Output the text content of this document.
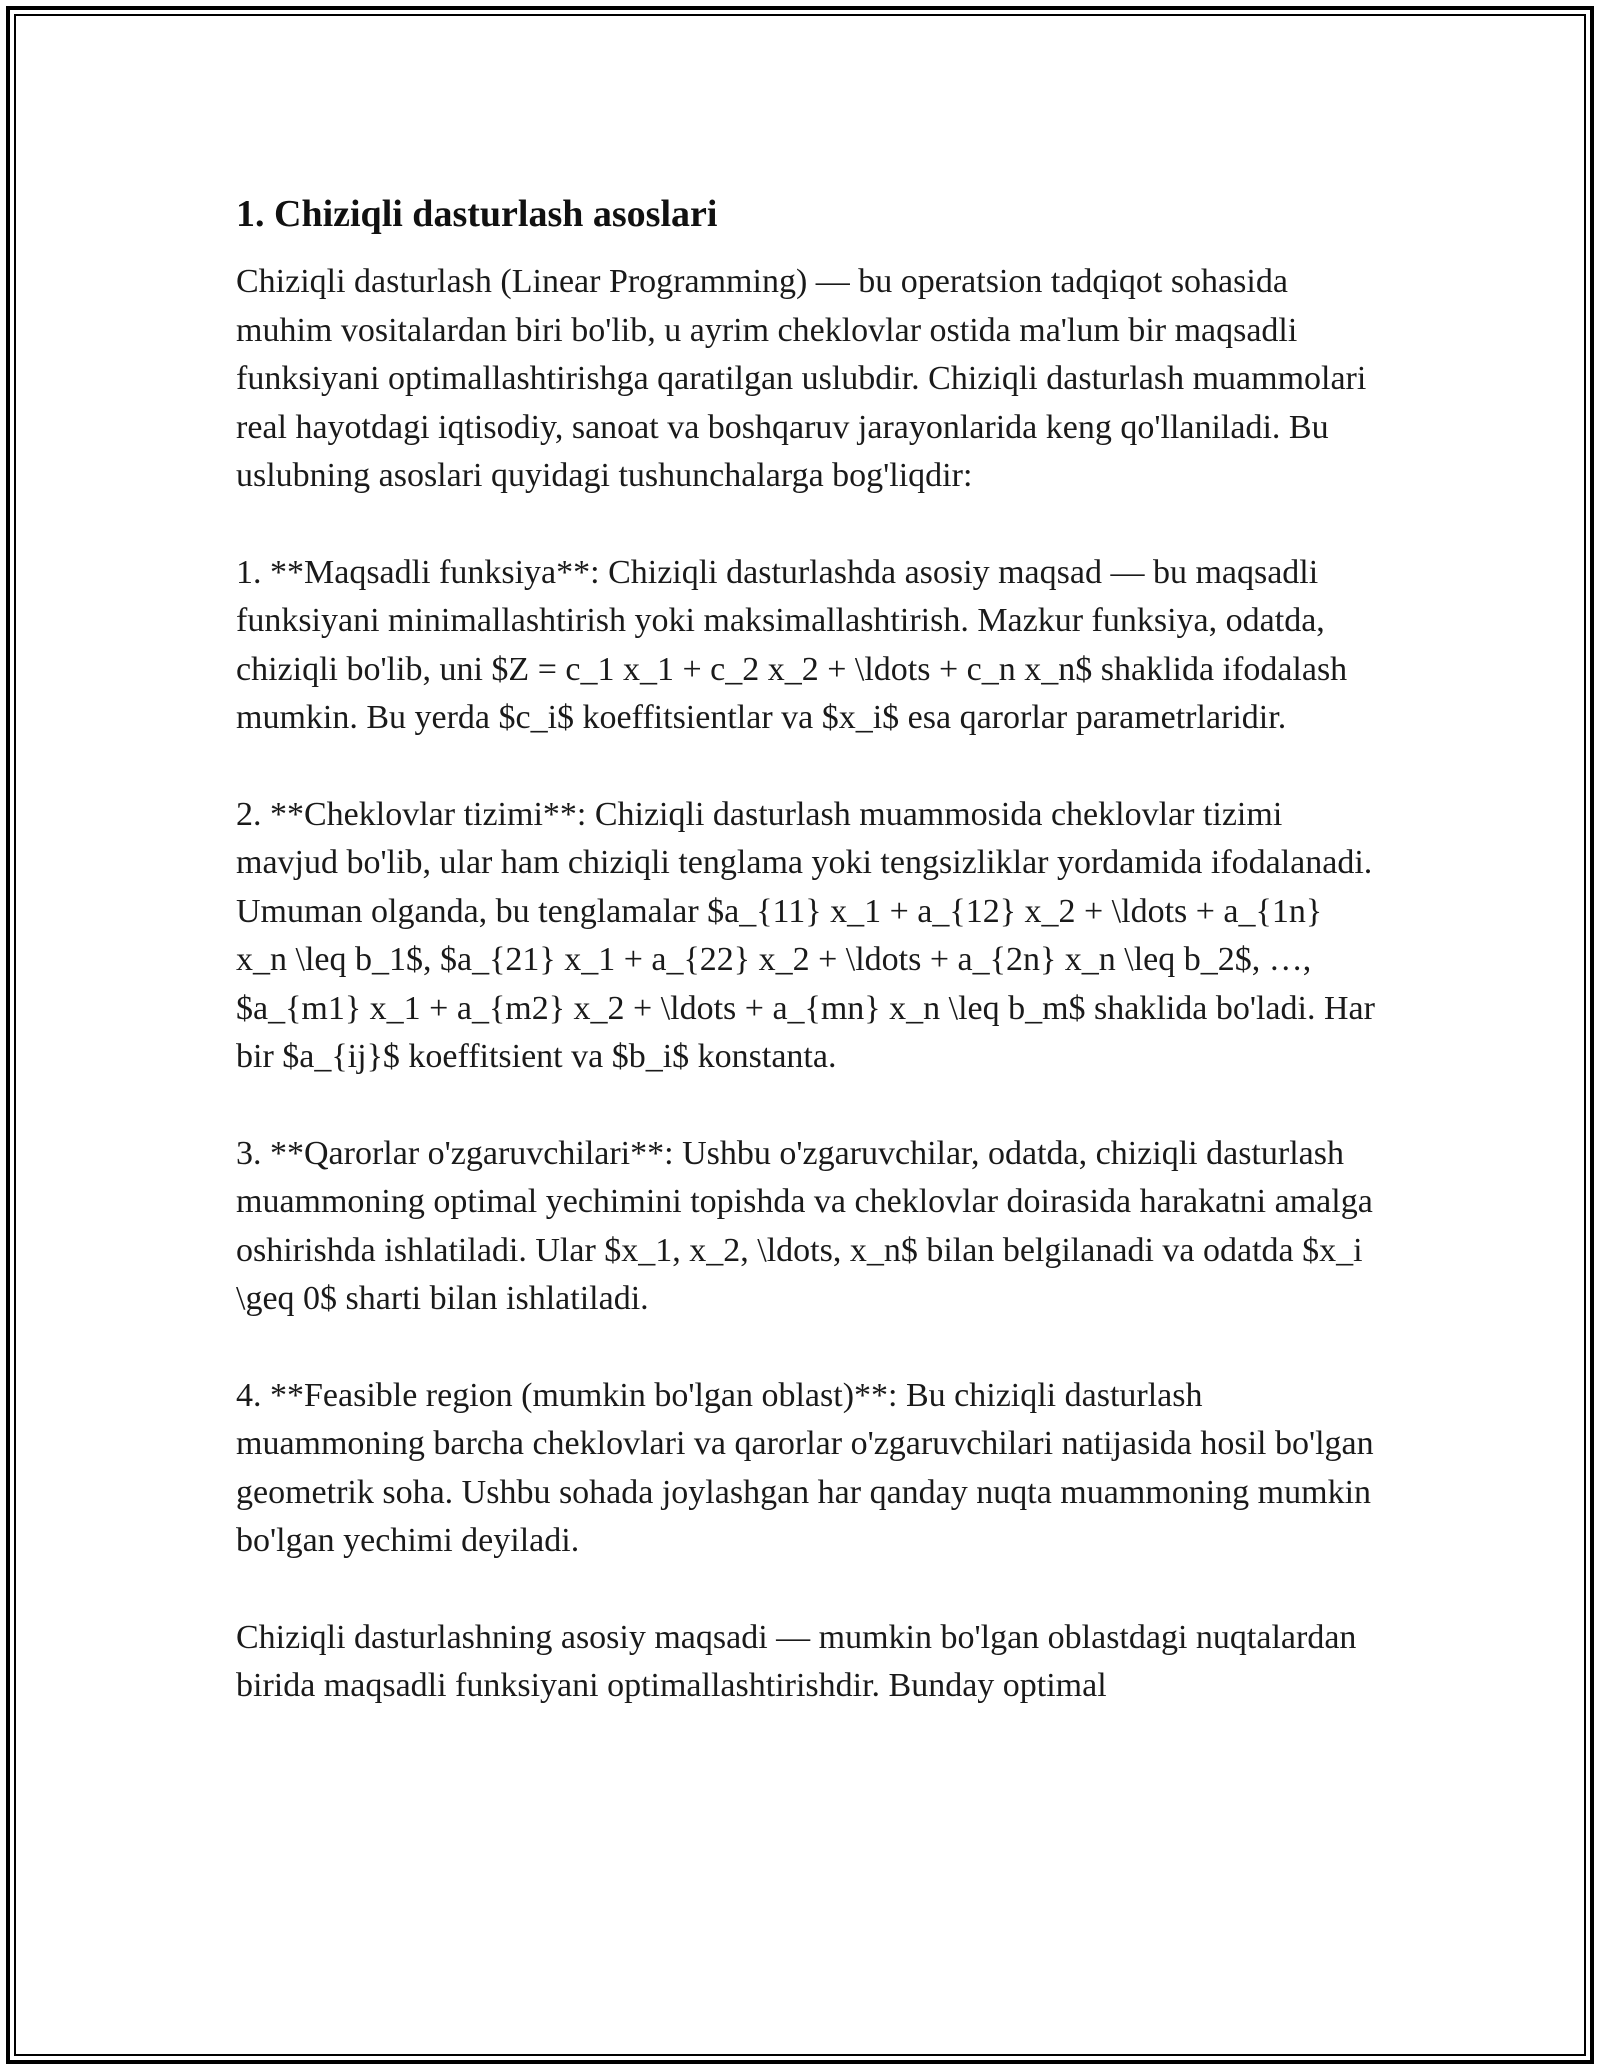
1. Chiziqli dasturlash asoslari

Chiziqli dasturlash (Linear Programming) — bu operatsion tadqiqot sohasida muhim vositalardan biri bo'lib, u ayrim cheklovlar ostida ma'lum bir maqsadli funksiyani optimallashtirishga qaratilgan uslubdir. Chiziqli dasturlash muammolari real hayotdagi iqtisodiy, sanoat va boshqaruv jarayonlarida keng qo'llaniladi. Bu uslubning asoslari quyidagi tushunchalarga bog'liqdir:

1. **Maqsadli funksiya**: Chiziqli dasturlashda asosiy maqsad — bu maqsadli funksiyani minimallashtirish yoki maksimallashtirish. Mazkur funksiya, odatda, chiziqli bo'lib, uni $Z = c_1 x_1 + c_2 x_2 + \ldots + c_n x_n$ shaklida ifodalash mumkin. Bu yerda $c_i$ koeffitsientlar va $x_i$ esa qarorlar parametrlaridir.

2. **Cheklovlar tizimi**: Chiziqli dasturlash muammosida cheklovlar tizimi mavjud bo'lib, ular ham chiziqli tenglama yoki tengsizliklar yordamida ifodalanadi. Umuman olganda, bu tenglamalar $a_{11} x_1 + a_{12} x_2 + \ldots + a_{1n} x_n \leq b_1$, $a_{21} x_1 + a_{22} x_2 + \ldots + a_{2n} x_n \leq b_2$, …, $a_{m1} x_1 + a_{m2} x_2 + \ldots + a_{mn} x_n \leq b_m$ shaklida bo'ladi. Har bir $a_{ij}$ koeffitsient va $b_i$ konstanta.

3. **Qarorlar o'zgaruvchilari**: Ushbu o'zgaruvchilar, odatda, chiziqli dasturlash muammoning optimal yechimini topishda va cheklovlar doirasida harakatni amalga oshirishda ishlatiladi. Ular $x_1, x_2, \ldots, x_n$ bilan belgilanadi va odatda $x_i \geq 0$ sharti bilan ishlatiladi.

4. **Feasible region (mumkin bo'lgan oblast)**: Bu chiziqli dasturlash muammoning barcha cheklovlari va qarorlar o'zgaruvchilari natijasida hosil bo'lgan geometrik soha. Ushbu sohada joylashgan har qanday nuqta muammoning mumkin bo'lgan yechimi deyiladi.

Chiziqli dasturlashning asosiy maqsadi — mumkin bo'lgan oblastdagi nuqtalardan birida maqsadli funksiyani optimallashtirishdir. Bunday optimal
